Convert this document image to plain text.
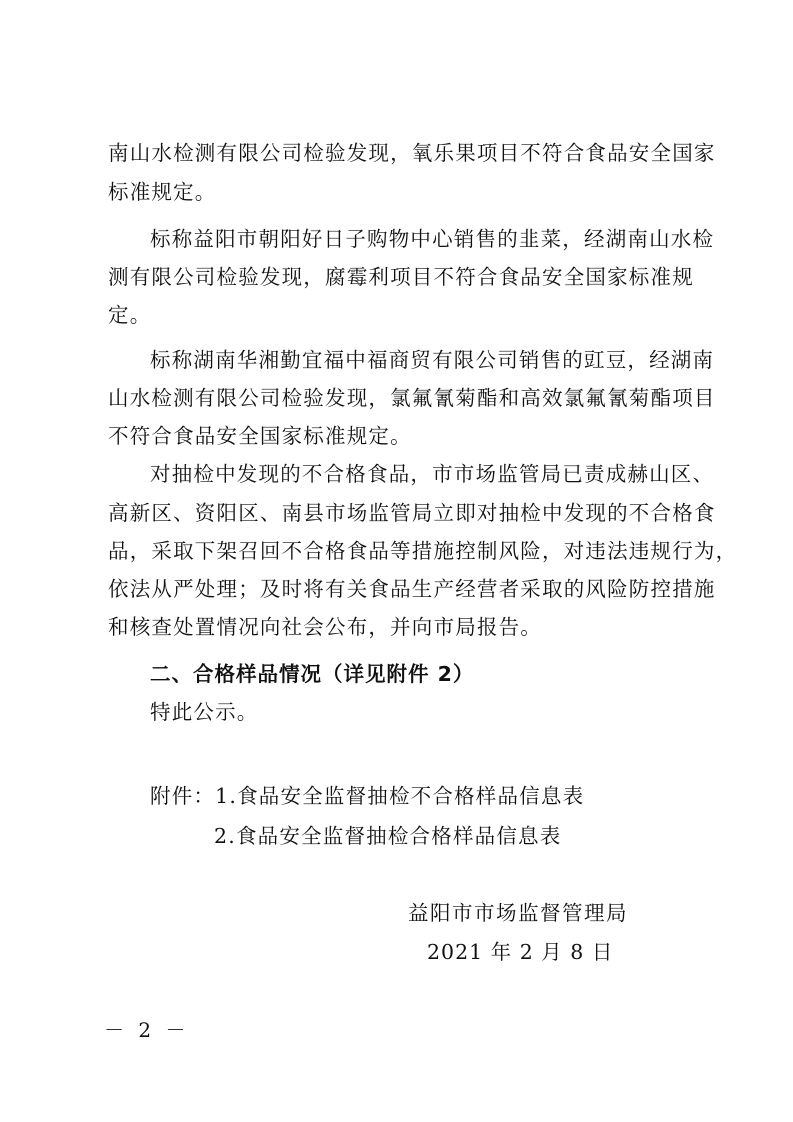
南山水检测有限公司检验发现，氧乐果项目不符合食品安全国家
标准规定。
标称益阳市朝阳好日子购物中心销售的韭菜，经湖南山水检
测有限公司检验发现，腐霉利项目不符合食品安全国家标准规
定。
标称湖南华湘勤宜福中福商贸有限公司销售的豇豆，经湖南
山水检测有限公司检验发现，氯氟氰菊酯和高效氯氟氰菊酯项目
不符合食品安全国家标准规定。
对抽检中发现的不合格食品，市市场监管局已责成赫山区、
高新区、资阳区、南县市场监管局立即对抽检中发现的不合格食
品，采取下架召回不合格食品等措施控制风险，对违法违规行为，
依法从严处理；及时将有关食品生产经营者采取的风险防控措施
和核查处置情况向社会公布，并向市局报告。
二、合格样品情况（详见附件 2）
特此公示。
附件：1.食品安全监督抽检不合格样品信息表
2.食品安全监督抽检合格样品信息表
益阳市市场监督管理局
2021 年 2 月 8 日
－ 2 －
